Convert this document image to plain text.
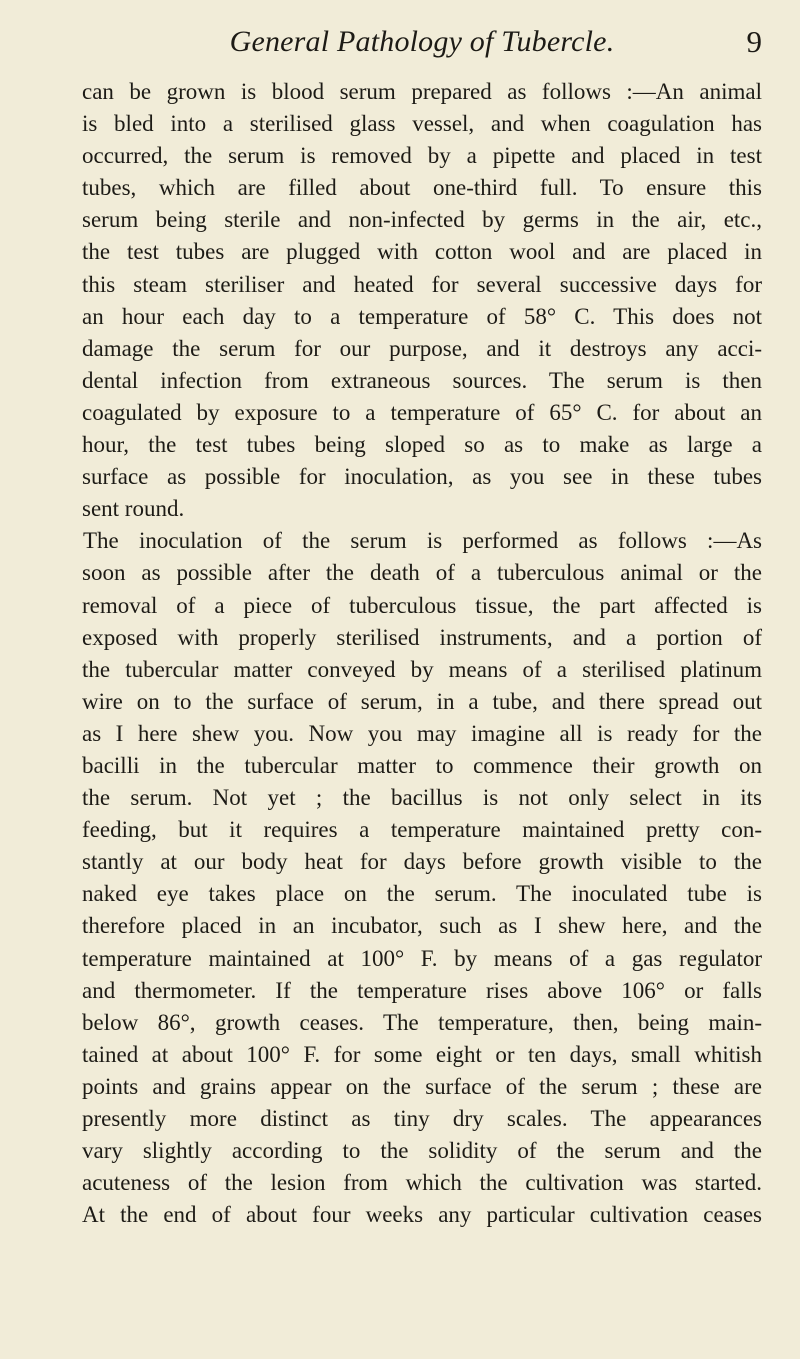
General Pathology of Tubercle.	9
can be grown is blood serum prepared as follows :—An animal
is bled into a sterilised glass vessel, and when coagulation has
occurred, the serum is removed by a pipette and placed in test
tubes, which are filled about one-third full. To ensure this
serum being sterile and non-infected by germs in the air, etc.,
the test tubes are plugged with cotton wool and are placed in
this steam steriliser and heated for several successive days for
an hour each day to a temperature of 58° C. This does not
damage the serum for our purpose, and it destroys any acci-
dental infection from extraneous sources. The serum is then
coagulated by exposure to a temperature of 65° C. for about an
hour, the test tubes being sloped so as to make as large a
surface as possible for inoculation, as you see in these tubes
sent round.
The inoculation of the serum is performed as follows :—As
soon as possible after the death of a tuberculous animal or the
removal of a piece of tuberculous tissue, the part affected is
exposed with properly sterilised instruments, and a portion of
the tubercular matter conveyed by means of a sterilised platinum
wire on to the surface of serum, in a tube, and there spread out
as I here shew you. Now you may imagine all is ready for the
bacilli in the tubercular matter to commence their growth on
the serum. Not yet ; the bacillus is not only select in its
feeding, but it requires a temperature maintained pretty con-
stantly at our body heat for days before growth visible to the
naked eye takes place on the serum. The inoculated tube is
therefore placed in an incubator, such as I shew here, and the
temperature maintained at 100° F. by means of a gas regulator
and thermometer. If the temperature rises above 106° or falls
below 86°, growth ceases. The temperature, then, being main-
tained at about 100° F. for some eight or ten days, small whitish
points and grains appear on the surface of the serum ; these are
presently more distinct as tiny dry scales. The appearances
vary slightly according to the solidity of the serum and the
acuteness of the lesion from which the cultivation was started.
At the end of about four weeks any particular cultivation ceases
